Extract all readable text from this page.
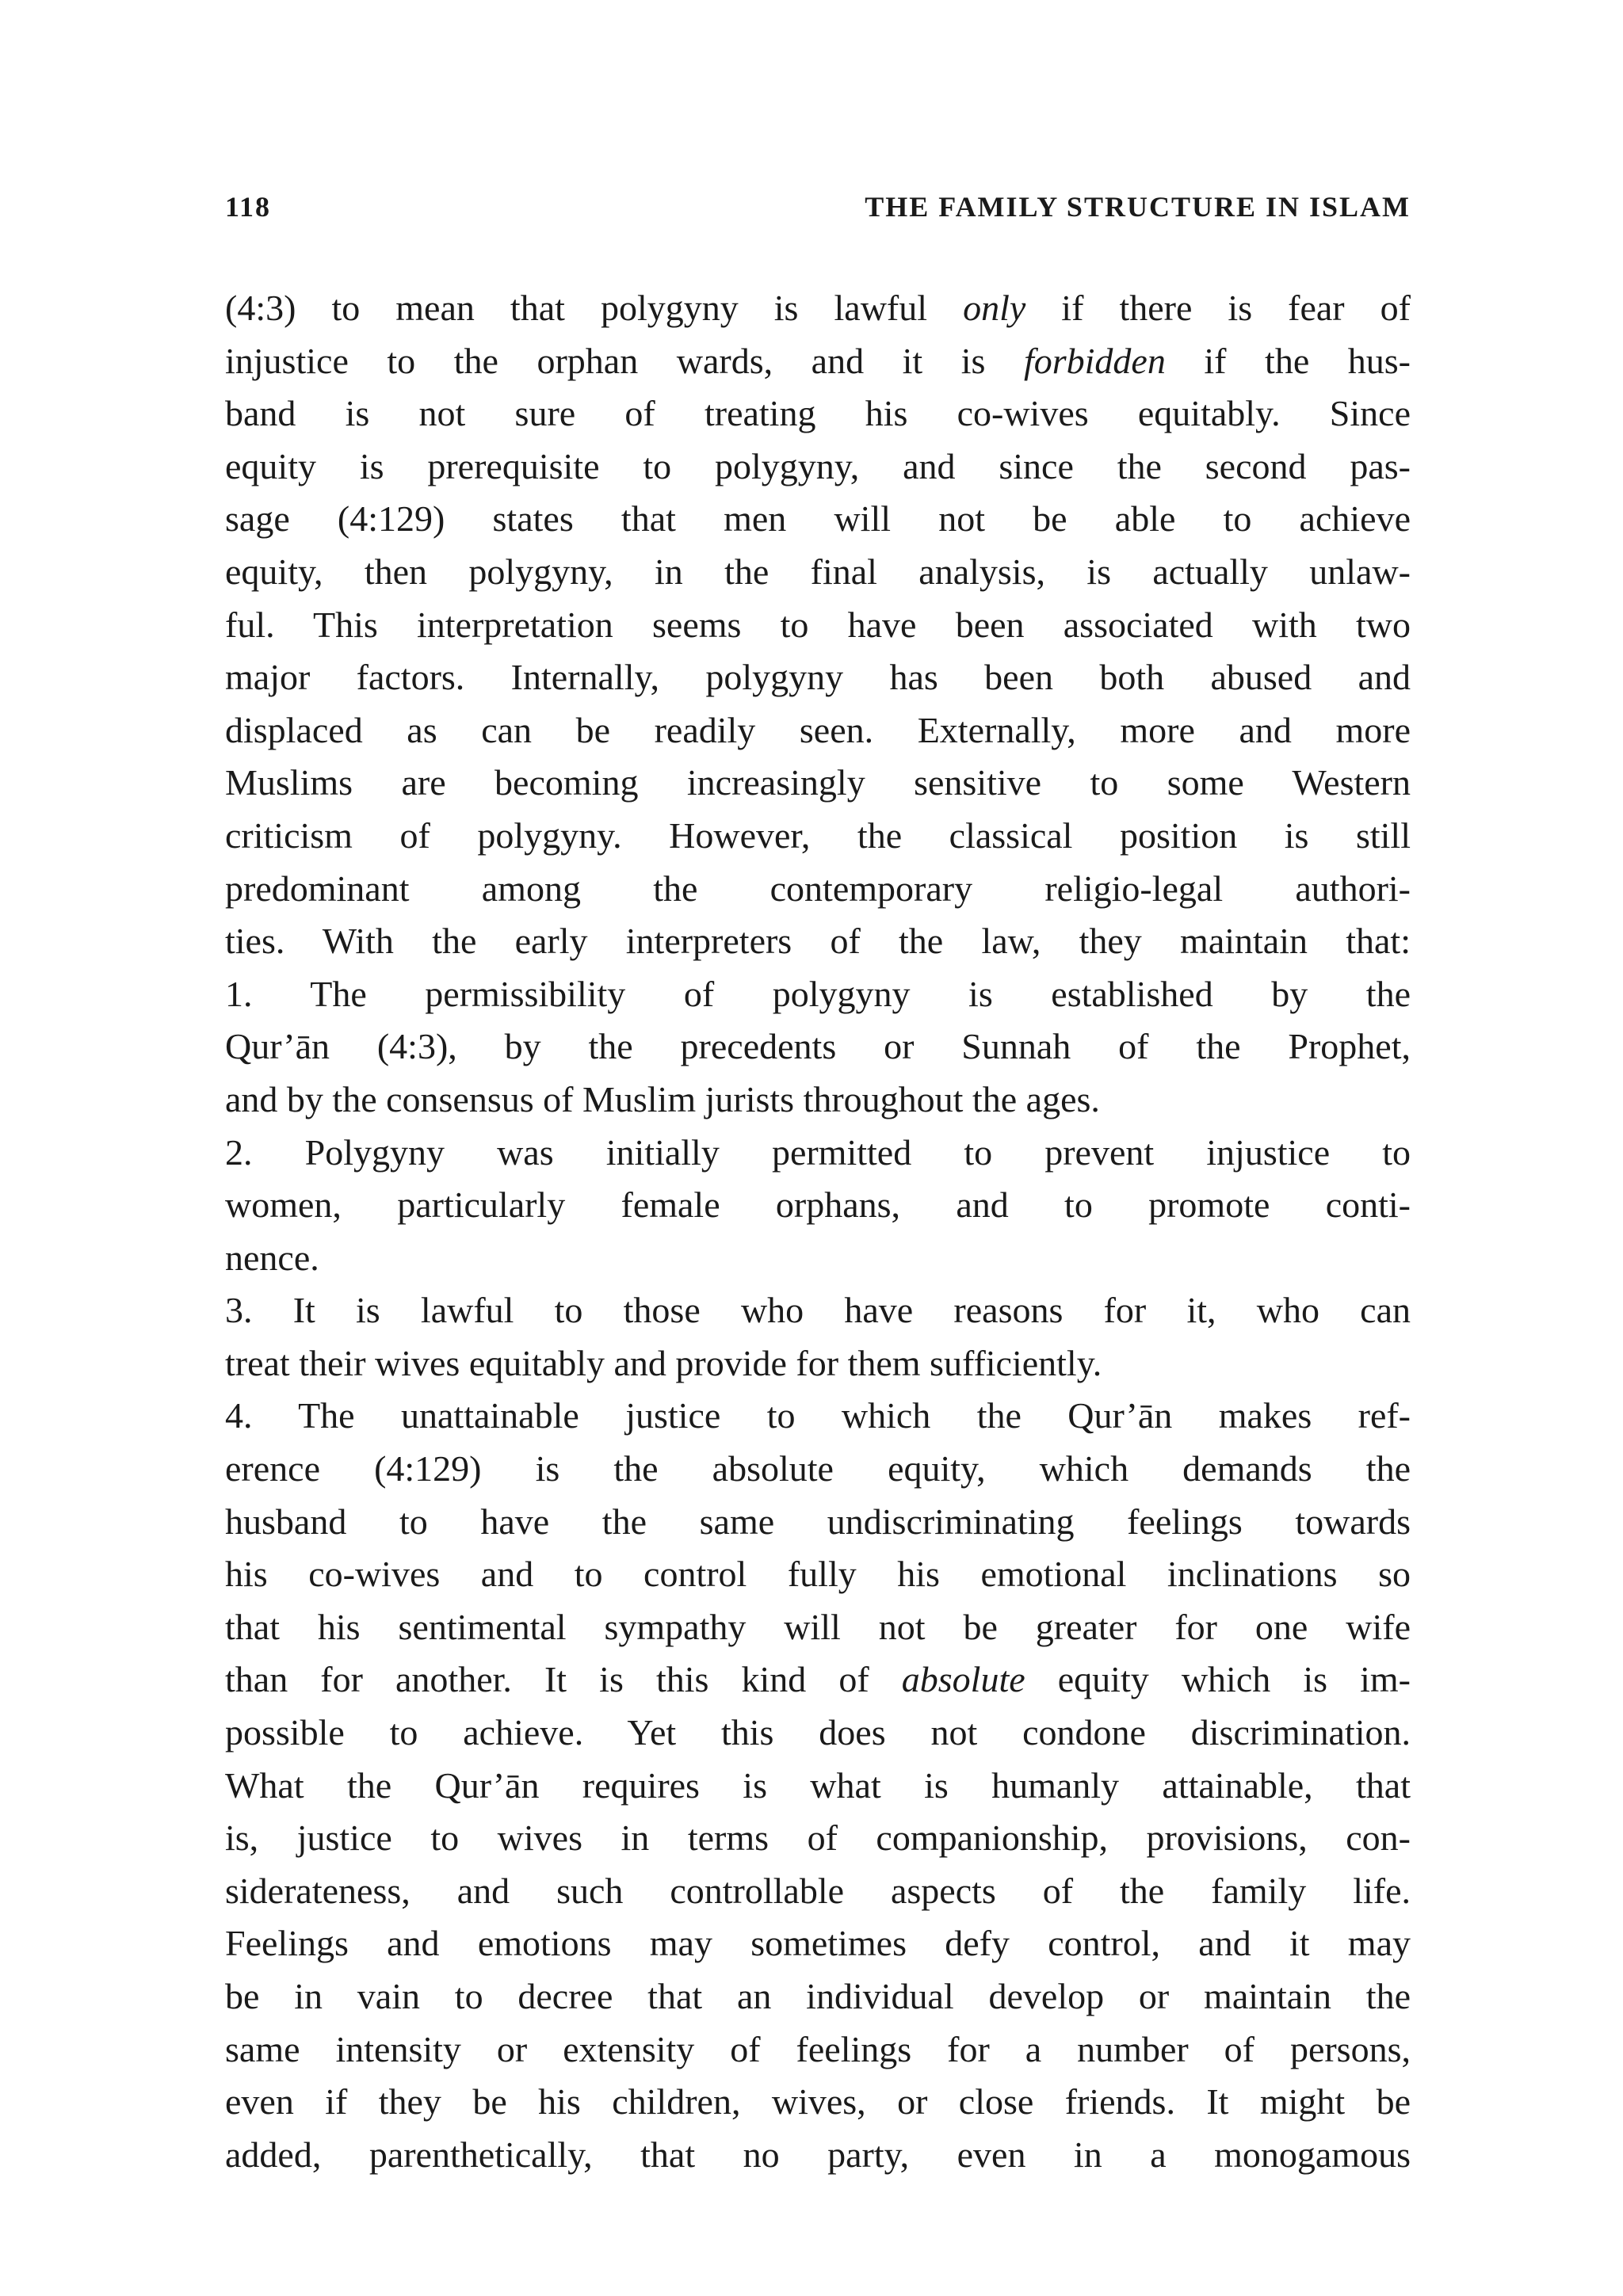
118	THE FAMILY STRUCTURE IN ISLAM
(4:3) to mean that polygyny is lawful only if there is fear of
injustice to the orphan wards, and it is forbidden if the hus-
band is not sure of treating his co-wives equitably. Since
equity is prerequisite to polygyny, and since the second pas-
sage (4:129) states that men will not be able to achieve
equity, then polygyny, in the final analysis, is actually unlaw-
ful. This interpretation seems to have been associated with two
major factors. Internally, polygyny has been both abused and
displaced as can be readily seen. Externally, more and more
Muslims are becoming increasingly sensitive to some Western
criticism of polygyny. However, the classical position is still
predominant among the contemporary religio-legal authori-
ties. With the early interpreters of the law, they maintain that:
1. The permissibility of polygyny is established by the
Qur’ān (4:3), by the precedents or Sunnah of the Prophet,
and by the consensus of Muslim jurists throughout the ages.
2. Polygyny was initially permitted to prevent injustice to
women, particularly female orphans, and to promote conti-
nence.
3. It is lawful to those who have reasons for it, who can
treat their wives equitably and provide for them sufficiently.
4. The unattainable justice to which the Qur’ān makes ref-
erence (4:129) is the absolute equity, which demands the
husband to have the same undiscriminating feelings towards
his co-wives and to control fully his emotional inclinations so
that his sentimental sympathy will not be greater for one wife
than for another. It is this kind of absolute equity which is im-
possible to achieve. Yet this does not condone discrimination.
What the Qur’ān requires is what is humanly attainable, that
is, justice to wives in terms of companionship, provisions, con-
siderateness, and such controllable aspects of the family life.
Feelings and emotions may sometimes defy control, and it may
be in vain to decree that an individual develop or maintain the
same intensity or extensity of feelings for a number of persons,
even if they be his children, wives, or close friends. It might be
added, parenthetically, that no party, even in a monogamous
